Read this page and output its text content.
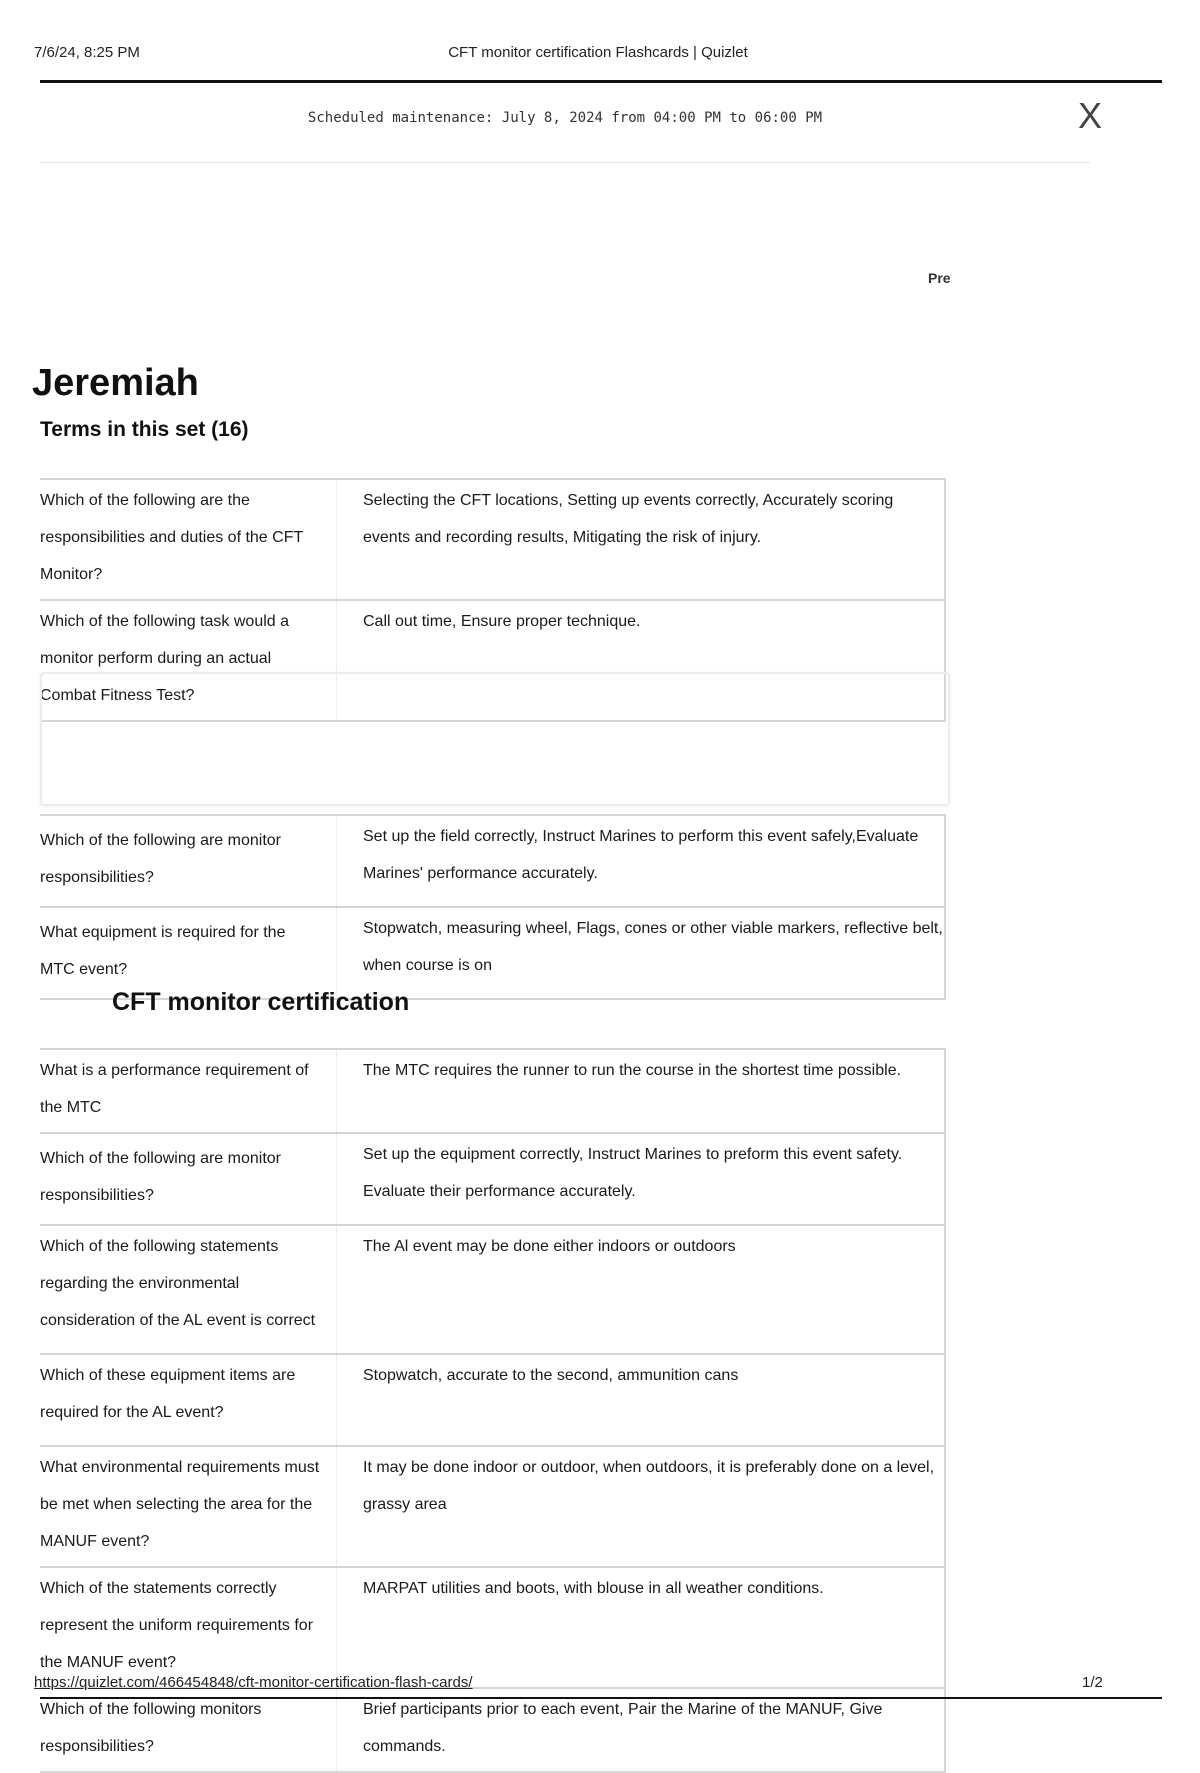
7/6/24, 8:25 PM	CFT monitor certification Flashcards | Quizlet
Scheduled maintenance: July 8, 2024 from 04:00 PM to 06:00 PM	X
Pre
Jeremiah
Terms in this set (16)
Which of the following are the responsibilities and duties of the CFT Monitor?	Selecting the CFT locations, Setting up events correctly, Accurately scoring events and recording results, Mitigating the risk of injury.
Which of the following task would a monitor perform during an actual Combat Fitness Test?	Call out time, Ensure proper technique.
Which of the following are monitor responsibilities?	Set up the field correctly, Instruct Marines to perform this event safely,Evaluate Marines' performance accurately.
What equipment is required for the MTC event?	Stopwatch, measuring wheel, Flags, cones or other viable markers, reflective belt, when course is on
CFT monitor certification
What is a performance requirement of the MTC	The MTC requires the runner to run the course in the shortest time possible.
Which of the following are monitor responsibilities?	Set up the equipment correctly, Instruct Marines to preform this event safety. Evaluate their performance accurately.
Which of the following statements regarding the environmental consideration of the AL event is correct	The Al event may be done either indoors or outdoors
Which of these equipment items are required for the AL event?	Stopwatch, accurate to the second, ammunition cans
What environmental requirements must be met when selecting the area for the MANUF event?	It may be done indoor or outdoor, when outdoors, it is preferably done on a level, grassy area
Which of the statements correctly represent the uniform requirements for the MANUF event?	MARPAT utilities and boots, with blouse in all weather conditions.
Which of the following monitors responsibilities?	Brief participants prior to each event, Pair the Marine of the MANUF, Give commands.
https://quizlet.com/466454848/cft-monitor-certification-flash-cards/	1/2
